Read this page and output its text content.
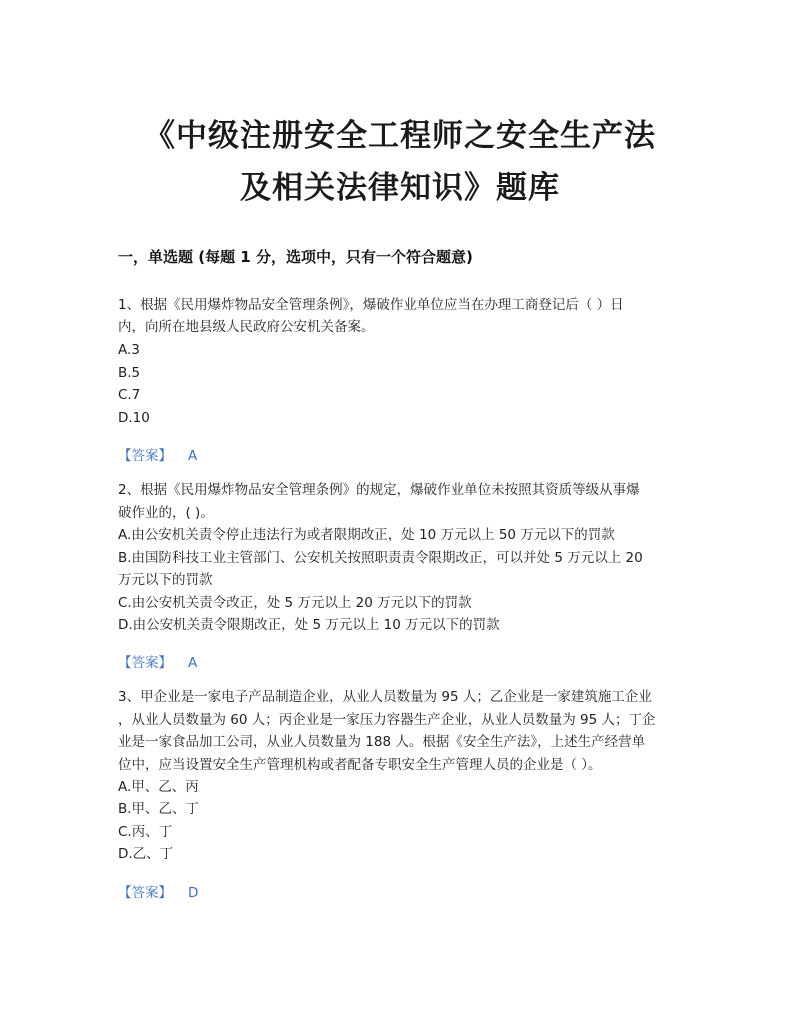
《中级注册安全工程师之安全生产法
及相关法律知识》题库
一，单选题 (每题 1 分，选项中，只有一个符合题意)
1、根据《民用爆炸物品安全管理条例》，爆破作业单位应当在办理工商登记后（ ）日
内，向所在地县级人民政府公安机关备案。
A.3
B.5
C.7
D.10
【答案】 A
2、根据《民用爆炸物品安全管理条例》的规定，爆破作业单位未按照其资质等级从事爆
破作业的，( )。
A.由公安机关责令停止违法行为或者限期改正，处 10 万元以上 50 万元以下的罚款
B.由国防科技工业主管部门、公安机关按照职责责令限期改正，可以并处 5 万元以上 20
万元以下的罚款
C.由公安机关责令改正，处 5 万元以上 20 万元以下的罚款
D.由公安机关责令限期改正，处 5 万元以上 10 万元以下的罚款
【答案】 A
3、甲企业是一家电子产品制造企业，从业人员数量为 95 人；乙企业是一家建筑施工企业
，从业人员数量为 60 人；丙企业是一家压力容器生产企业，从业人员数量为 95 人；丁企
业是一家食品加工公司，从业人员数量为 188 人。根据《安全生产法》，上述生产经营单
位中，应当设置安全生产管理机构或者配备专职安全生产管理人员的企业是（ ）。
A.甲、乙、丙
B.甲、乙、丁
C.丙、丁
D.乙、丁
【答案】 D
